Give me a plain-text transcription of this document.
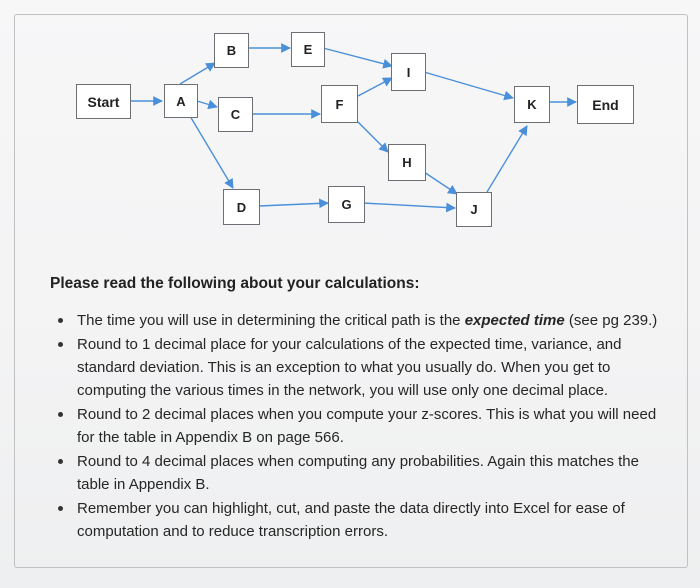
Start	A
B
C
D
E
F
G
H
I
J
K	End
Please read the following about your calculations:
The time you will use in determining the critical path is the expected time (see pg 239.)
Round to 1 decimal place for your calculations of the expected time, variance, and standard deviation. This is an exception to what you usually do. When you get to computing the various times in the network, you will use only one decimal place.
Round to 2 decimal places when you compute your z-scores. This is what you will need for the table in Appendix B on page 566.
Round to 4 decimal places when computing any probabilities. Again this matches the table in Appendix B.
Remember you can highlight, cut, and paste the data directly into Excel for ease of computation and to reduce transcription errors.
